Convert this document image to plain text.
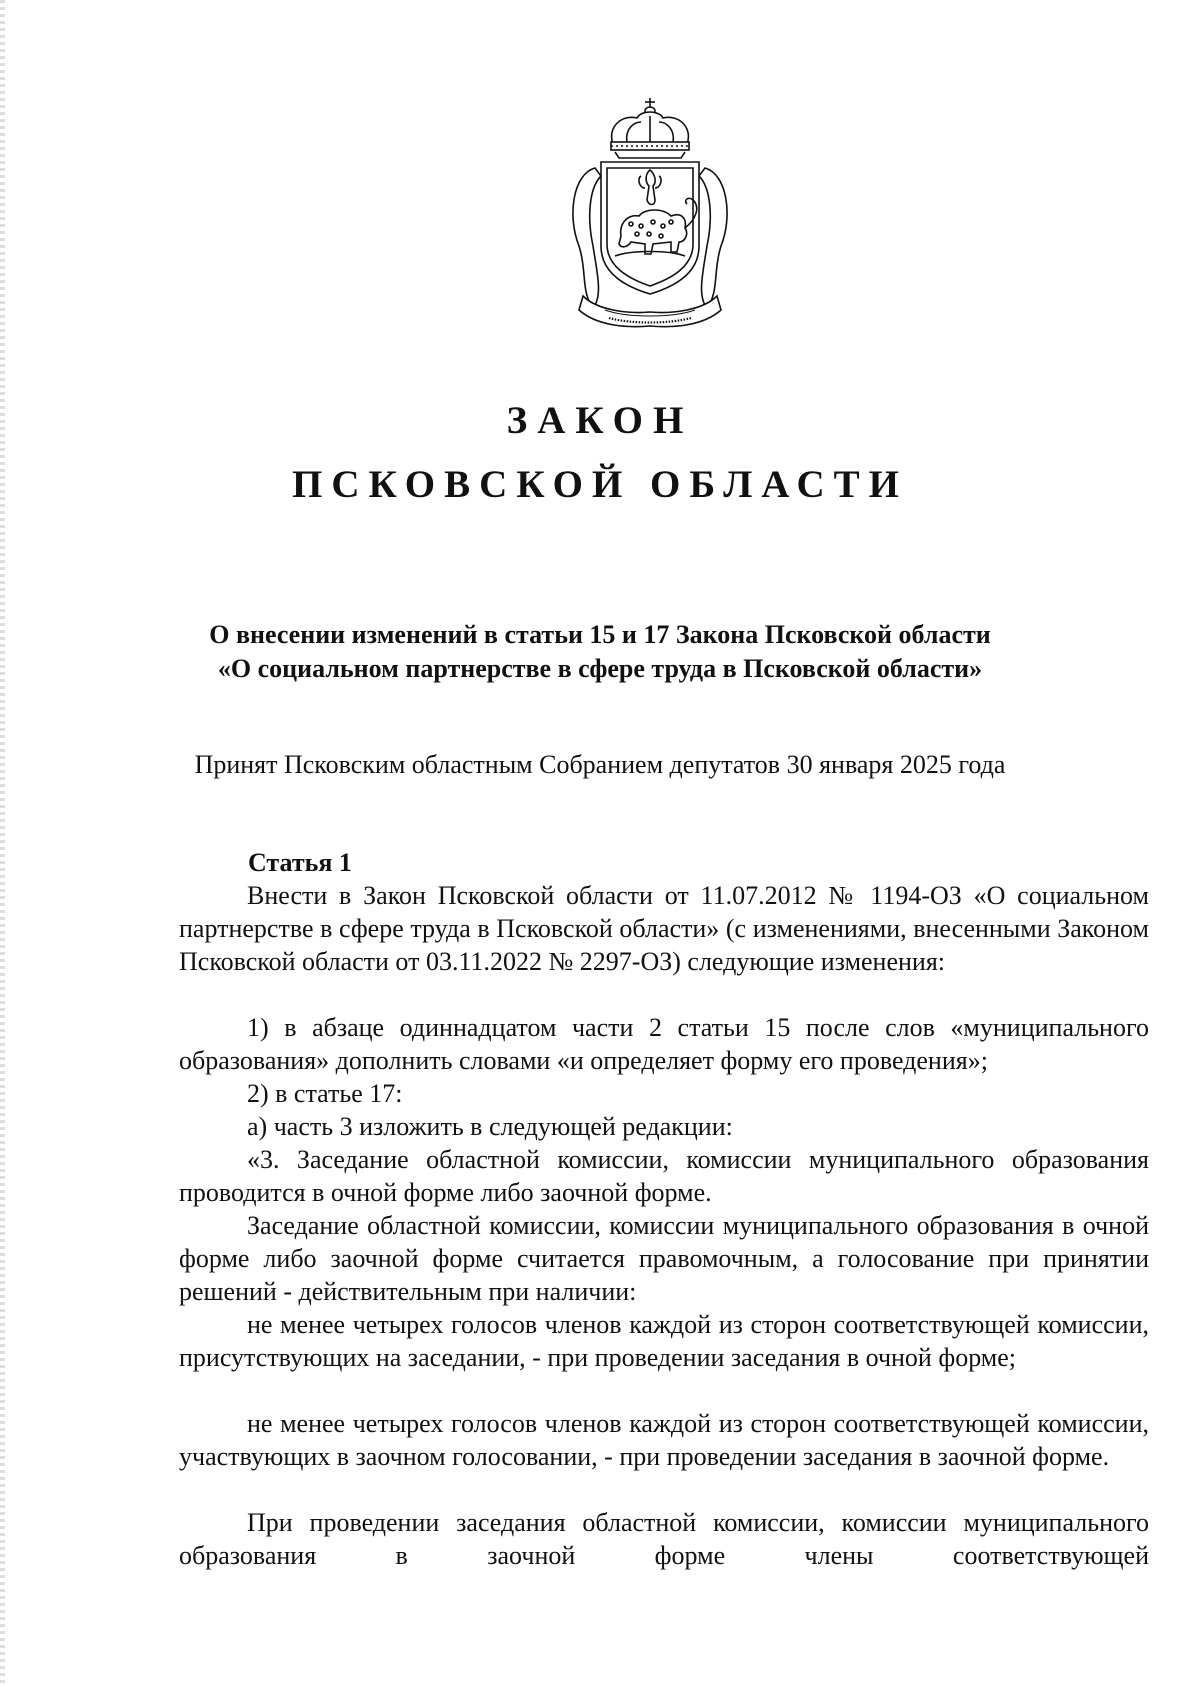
ЗАКОН
ПСКОВСКОЙ ОБЛАСТИ
О внесении изменений в статьи 15 и 17 Закона Псковской области
«О социальном партнерстве в сфере труда в Псковской области»

Принят Псковским областным Собранием депутатов 30 января 2025 года

Статья 1

Внести в Закон Псковской области от 11.07.2012 № 1194-ОЗ «О социальном партнерстве в сфере труда в Псковской области» (с изменениями, внесенными Законом Псковской области от 03.11.2022 № 2297-ОЗ) следующие изменения:

1) в абзаце одиннадцатом части 2 статьи 15 после слов «муниципального образования» дополнить словами «и определяет форму его проведения»;

2) в статье 17:

а) часть 3 изложить в следующей редакции:

«3. Заседание областной комиссии, комиссии муниципального образования проводится в очной форме либо заочной форме.

Заседание областной комиссии, комиссии муниципального образования в очной форме либо заочной форме считается правомочным, а голосование при принятии решений - действительным при наличии:

не менее четырех голосов членов каждой из сторон соответствующей комиссии, присутствующих на заседании, - при проведении заседания в очной форме;

не менее четырех голосов членов каждой из сторон соответствующей комиссии, участвующих в заочном голосовании, - при проведении заседания в заочной форме.

При проведении заседания областной комиссии, комиссии муниципального образования в заочной форме члены соответствующей
